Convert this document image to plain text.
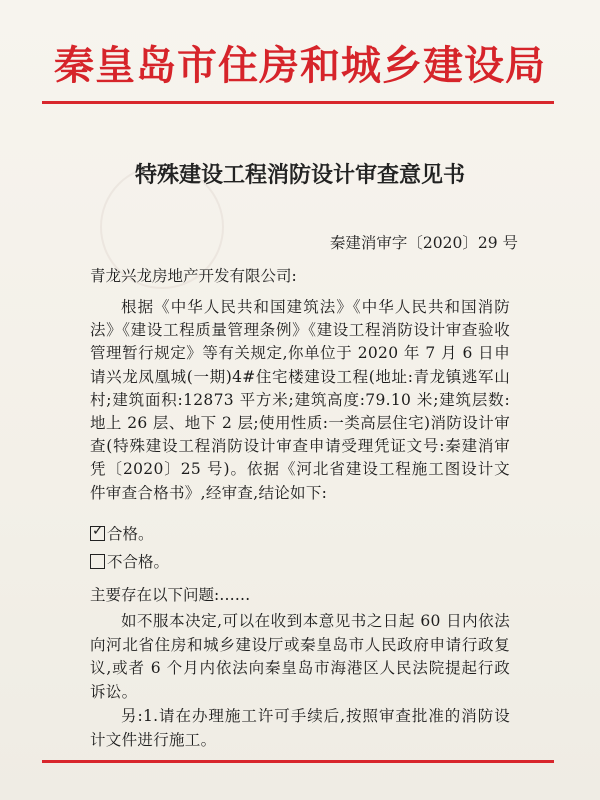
秦皇岛市住房和城乡建设局
特殊建设工程消防设计审查意见书
秦建消审字〔2020〕29 号
青龙兴龙房地产开发有限公司:
根据《中华人民共和国建筑法》《中华人民共和国消防法》《建设工程质量管理条例》《建设工程消防设计审查验收管理暂行规定》等有关规定,你单位于 2020 年 7 月 6 日申请兴龙凤凰城(一期)4#住宅楼建设工程(地址:青龙镇逃军山村;建筑面积:12873 平方米;建筑高度:79.10 米;建筑层数:地上 26 层、地下 2 层;使用性质:一类高层住宅)消防设计审查(特殊建设工程消防设计审查申请受理凭证文号:秦建消审凭〔2020〕25 号)。依据《河北省建设工程施工图设计文件审查合格书》,经审查,结论如下:
✓ 合格。
不合格。
主要存在以下问题:……
如不服本决定,可以在收到本意见书之日起 60 日内依法向河北省住房和城乡建设厅或秦皇岛市人民政府申请行政复议,或者 6 个月内依法向秦皇岛市海港区人民法院提起行政诉讼。
另:1.请在办理施工许可手续后,按照审查批准的消防设计文件进行施工。
